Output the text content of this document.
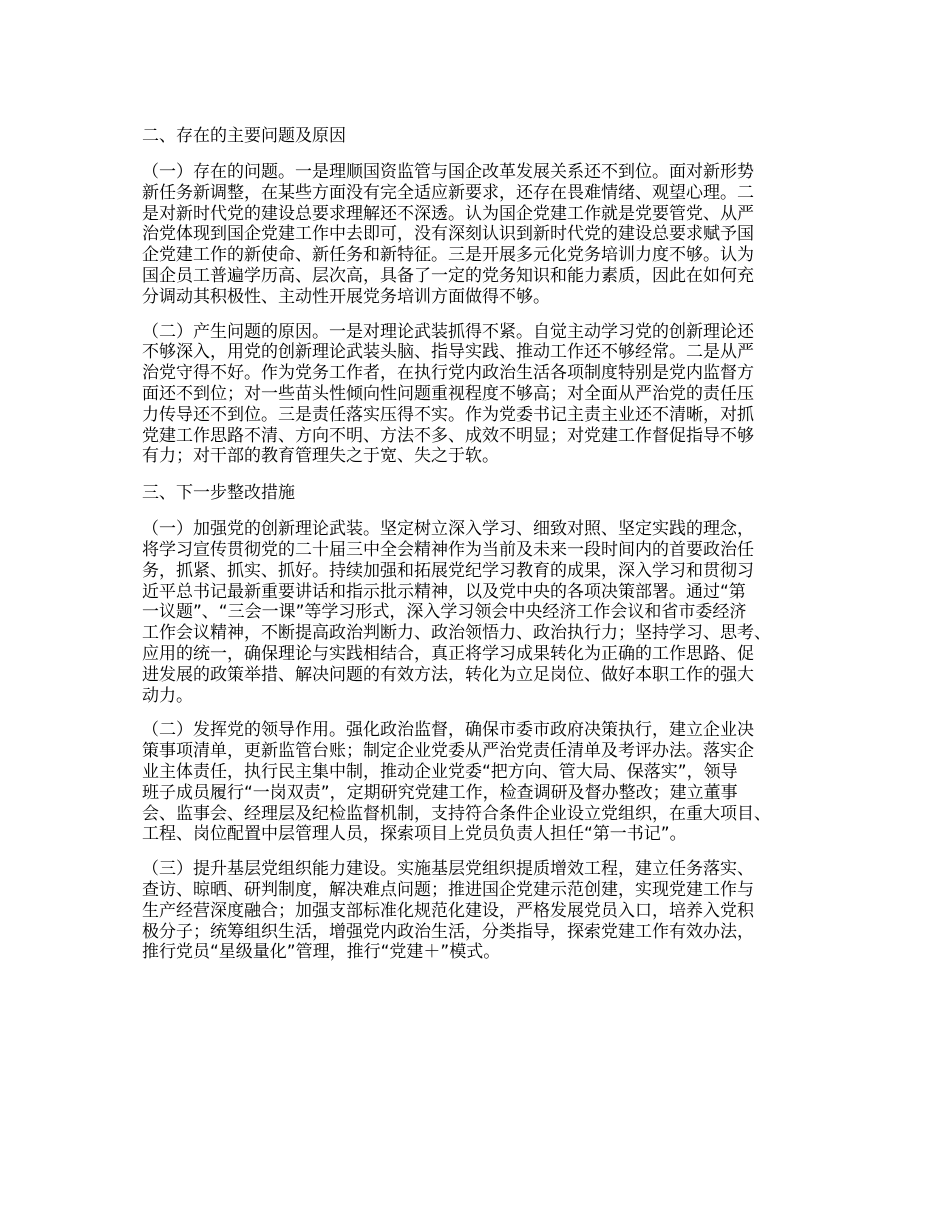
二、存在的主要问题及原因
（一）存在的问题。一是理顺国资监管与国企改革发展关系还不到位。面对新形势
新任务新调整，在某些方面没有完全适应新要求，还存在畏难情绪、观望心理。二
是对新时代党的建设总要求理解还不深透。认为国企党建工作就是党要管党、从严
治党体现到国企党建工作中去即可，没有深刻认识到新时代党的建设总要求赋予国
企党建工作的新使命、新任务和新特征。三是开展多元化党务培训力度不够。认为
国企员工普遍学历高、层次高，具备了一定的党务知识和能力素质，因此在如何充
分调动其积极性、主动性开展党务培训方面做得不够。
（二）产生问题的原因。一是对理论武装抓得不紧。自觉主动学习党的创新理论还
不够深入，用党的创新理论武装头脑、指导实践、推动工作还不够经常。二是从严
治党守得不好。作为党务工作者，在执行党内政治生活各项制度特别是党内监督方
面还不到位；对一些苗头性倾向性问题重视程度不够高；对全面从严治党的责任压
力传导还不到位。三是责任落实压得不实。作为党委书记主责主业还不清晰，对抓
党建工作思路不清、方向不明、方法不多、成效不明显；对党建工作督促指导不够
有力；对干部的教育管理失之于宽、失之于软。
三、下一步整改措施
（一）加强党的创新理论武装。坚定树立深入学习、细致对照、坚定实践的理念，
将学习宣传贯彻党的二十届三中全会精神作为当前及未来一段时间内的首要政治任
务，抓紧、抓实、抓好。持续加强和拓展党纪学习教育的成果，深入学习和贯彻习
近平总书记最新重要讲话和指示批示精神，以及党中央的各项决策部署。通过“第
一议题”、“三会一课”等学习形式，深入学习领会中央经济工作会议和省市委经济
工作会议精神，不断提高政治判断力、政治领悟力、政治执行力；坚持学习、思考、
应用的统一，确保理论与实践相结合，真正将学习成果转化为正确的工作思路、促
进发展的政策举措、解决问题的有效方法，转化为立足岗位、做好本职工作的强大
动力。
（二）发挥党的领导作用。强化政治监督，确保市委市政府决策执行，建立企业决
策事项清单，更新监管台账；制定企业党委从严治党责任清单及考评办法。落实企
业主体责任，执行民主集中制，推动企业党委“把方向、管大局、保落实”，领导
班子成员履行“一岗双责”，定期研究党建工作，检查调研及督办整改；建立董事
会、监事会、经理层及纪检监督机制，支持符合条件企业设立党组织，在重大项目、
工程、岗位配置中层管理人员，探索项目上党员负责人担任“第一书记”。
（三）提升基层党组织能力建设。实施基层党组织提质增效工程，建立任务落实、
查访、晾晒、研判制度，解决难点问题；推进国企党建示范创建，实现党建工作与
生产经营深度融合；加强支部标准化规范化建设，严格发展党员入口，培养入党积
极分子；统筹组织生活，增强党内政治生活，分类指导，探索党建工作有效办法，
推行党员“星级量化”管理，推行“党建＋”模式。
